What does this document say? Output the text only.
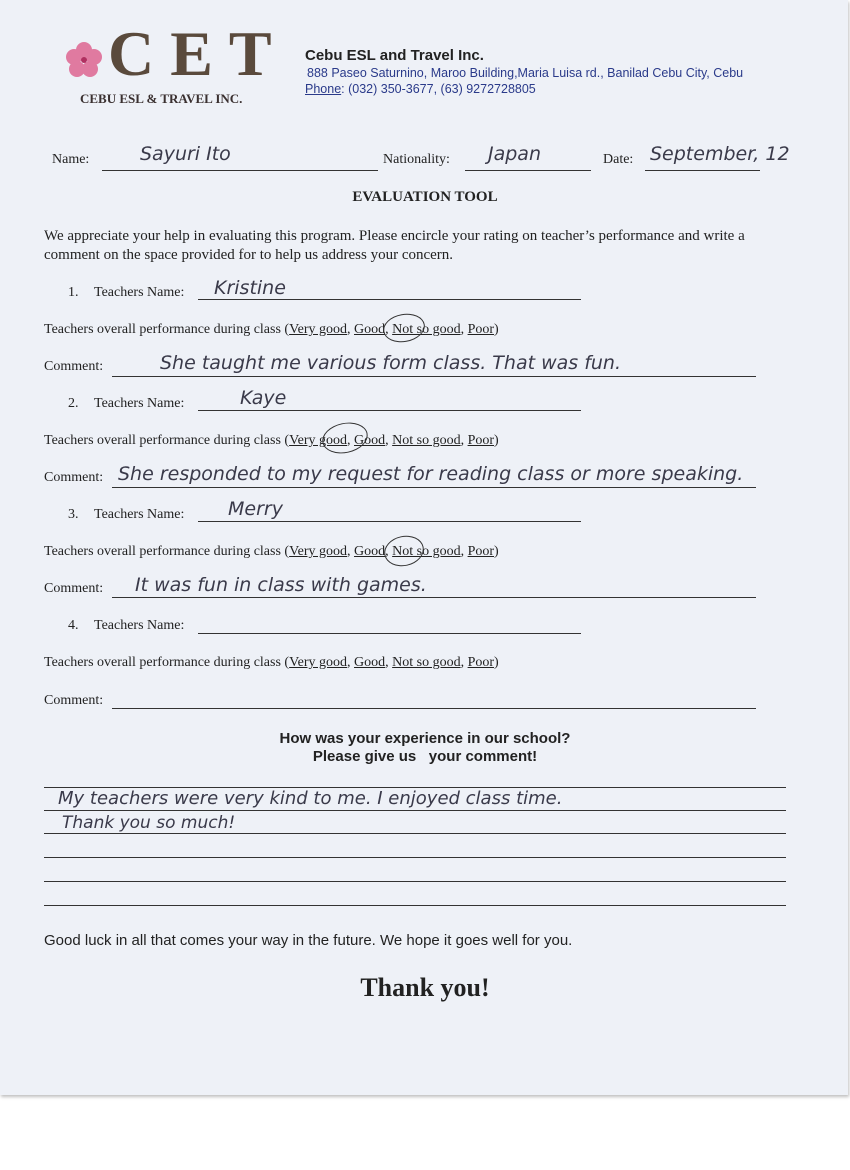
CET
CEBU ESL & TRAVEL INC.
Cebu ESL and Travel Inc.
888 Paseo Saturnino, Maroo Building,Maria Luisa rd., Banilad Cebu City, Cebu
Phone: (032) 350-3677, (63) 9272728805
Name:	Sayuri Ito	Nationality: Japan	Date: September, 12
EVALUATION TOOL
We appreciate your help in evaluating this program. Please encircle your rating on teacher’s performance and write a comment on the space provided for to help us address your concern.
1. Teachers Name: Kristine
Teachers overall performance during class (Very good, Good, Not so good, Poor)
Comment:	She taught me various form class. That was fun.
2. Teachers Name:	Kaye
Teachers overall performance during class (Very good, Good, Not so good, Poor)
Comment: She responded to my request for reading class or more speaking.
3. Teachers Name: Merry
Teachers overall performance during class (Very good, Good, Not so good, Poor)
Comment: It was fun in class with games.
4. Teachers Name:
Teachers overall performance during class (Very good, Good, Not so good, Poor)
Comment:
How was your experience in our school?
Please give us   your comment!
My teachers were very kind to me. I enjoyed class time.
Thank you so much!
Good luck in all that comes your way in the future. We hope it goes well for you.
Thank you!
